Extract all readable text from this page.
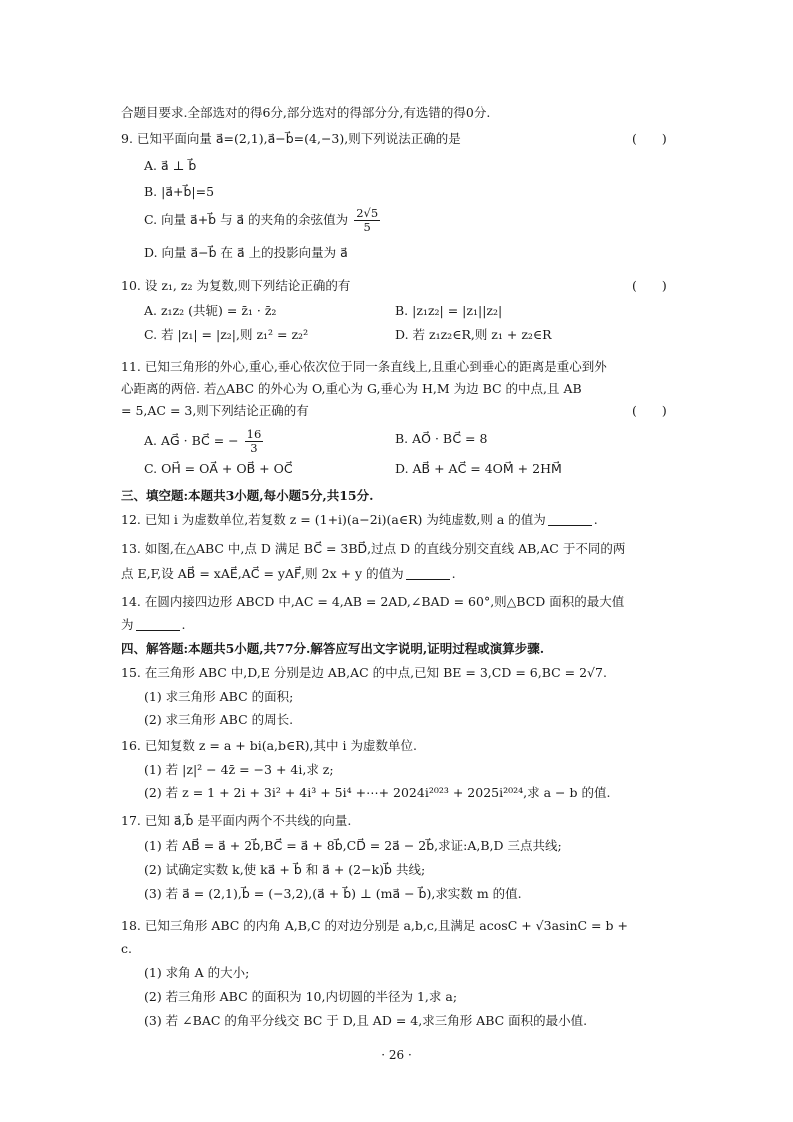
合题目要求.全部选对的得6分,部分选对的得部分分,有选错的得0分.
9. 已知平面向量 a⃗=(2,1),a⃗−b⃗=(4,−3),则下列说法正确的是	(　　)
A. a⃗ ⊥ b⃗
B. |a⃗+b⃗|=5
C. 向量 a⃗+b⃗ 与 a⃗ 的夹角的余弦值为 $\frac{2√5}{5}$
D. 向量 a⃗−b⃗ 在 a⃗ 上的投影向量为 a⃗
10. 设 z₁, z₂ 为复数,则下列结论正确的有	(　　)
A. z₁z₂ (共轭) = z̄₁ · z̄₂	B. |z₁z₂| = |z₁||z₂|
C. 若 |z₁| = |z₂|,则 z₁² = z₂²	D. 若 z₁z₂∈R,则 z₁ + z₂∈R
11. 已知三角形的外心,重心,垂心依次位于同一条直线上,且重心到垂心的距离是重心到外
心距离的两倍. 若△ABC 的外心为 O,重心为 G,垂心为 H,M 为边 BC 的中点,且 AB
= 5,AC = 3,则下列结论正确的有	(　　)
A. AG⃗ · BC⃗ = − $\frac{16}{3}$	B. AO⃗ · BC⃗ = 8
C. OH⃗ = OA⃗ + OB⃗ + OC⃗	D. AB⃗ + AC⃗ = 4OM⃗ + 2HM⃗
三、填空题:本题共3小题,每小题5分,共15分.
12. 已知 i 为虚数单位,若复数 z = (1+i)(a−2i)(a∈R) 为纯虚数,则 a 的值为	.
13. 如图,在△ABC 中,点 D 满足 BC⃗ = 3BD⃗,过点 D 的直线分别交直线 AB,AC 于不同的两
点 E,F,设 AB⃗ = xAE⃗,AC⃗ = yAF⃗,则 2x + y 的值为	.
14. 在圆内接四边形 ABCD 中,AC = 4,AB = 2AD,∠BAD = 60°,则△BCD 面积的最大值
为	.
四、解答题:本题共5小题,共77分.解答应写出文字说明,证明过程或演算步骤.
15. 在三角形 ABC 中,D,E 分别是边 AB,AC 的中点,已知 BE = 3,CD = 6,BC = 2√7.
(1) 求三角形 ABC 的面积;
(2) 求三角形 ABC 的周长.
16. 已知复数 z = a + bi(a,b∈R),其中 i 为虚数单位.
(1) 若 |z|² − 4z̄ = −3 + 4i,求 z;
(2) 若 z = 1 + 2i + 3i² + 4i³ + 5i⁴ +⋯+ 2024i²⁰²³ + 2025i²⁰²⁴,求 a − b 的值.
17. 已知 a⃗,b⃗ 是平面内两个不共线的向量.
(1) 若 AB⃗ = a⃗ + 2b⃗,BC⃗ = a⃗ + 8b⃗,CD⃗ = 2a⃗ − 2b⃗,求证:A,B,D 三点共线;
(2) 试确定实数 k,使 ka⃗ + b⃗ 和 a⃗ + (2−k)b⃗ 共线;
(3) 若 a⃗ = (2,1),b⃗ = (−3,2),(a⃗ + b⃗) ⊥ (ma⃗ − b⃗),求实数 m 的值.
18. 已知三角形 ABC 的内角 A,B,C 的对边分别是 a,b,c,且满足 acosC + √3asinC = b +
c.
(1) 求角 A 的大小;
(2) 若三角形 ABC 的面积为 10,内切圆的半径为 1,求 a;
(3) 若 ∠BAC 的角平分线交 BC 于 D,且 AD = 4,求三角形 ABC 面积的最小值.
· 26 ·
